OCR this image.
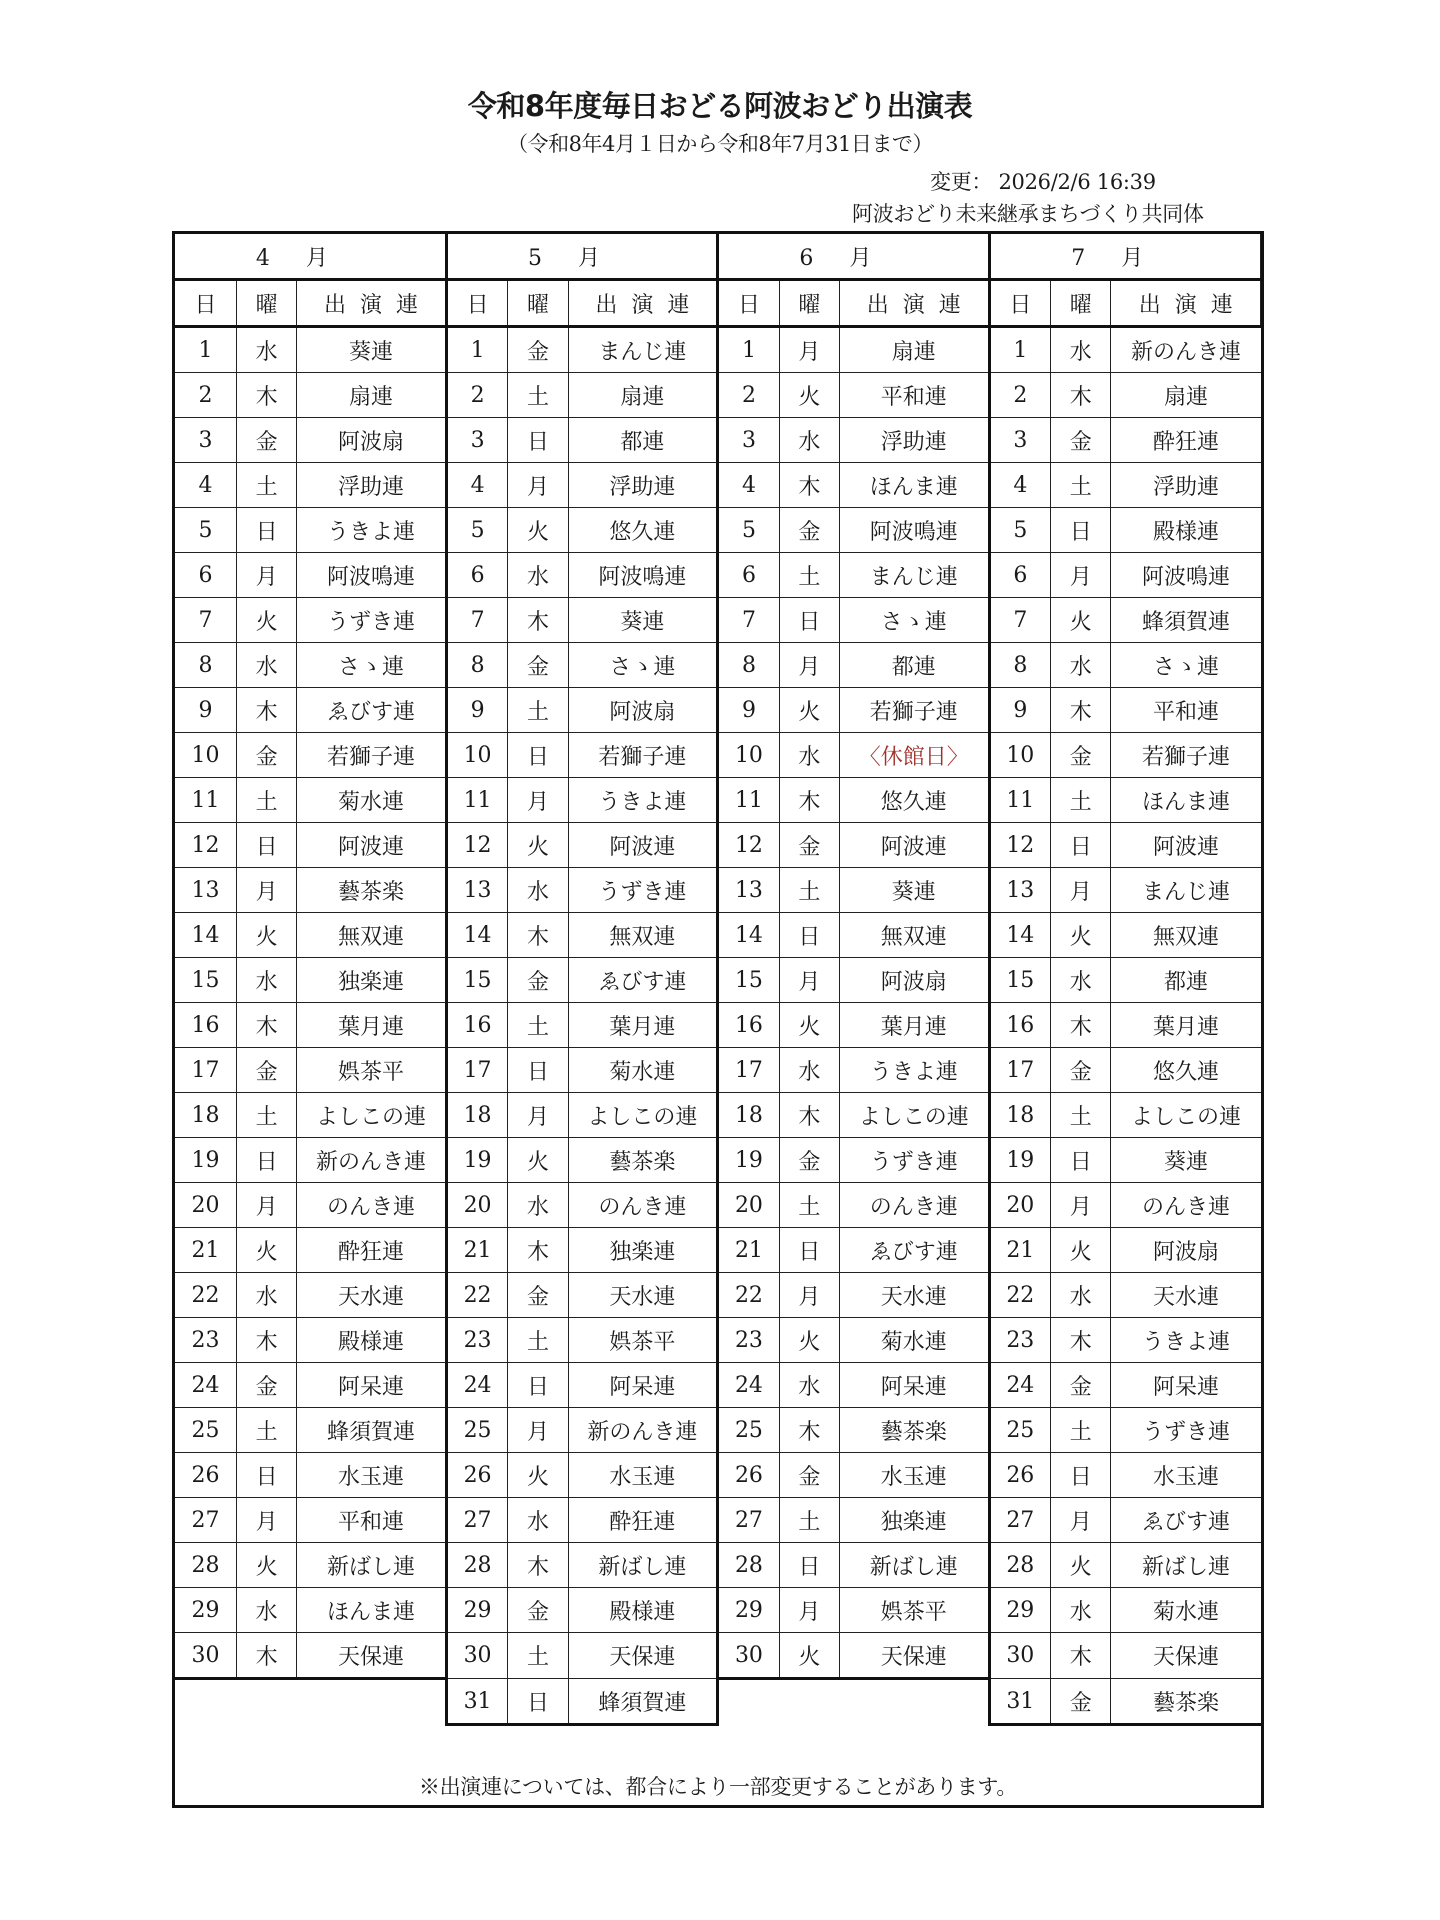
令和8年度毎日おどる阿波おどり出演表
（令和8年4月１日から令和8年7月31日まで）
変更： 2026/2/6 16:39
阿波おどり未来継承まちづくり共同体
4月			5月			6月			7月		
日	曜	出演連	日	曜	出演連	日	曜	出演連	日	曜	出演連
1	水	葵連	1	金	まんじ連	1	月	扇連	1	水	新のんき連
2	木	扇連	2	土	扇連	2	火	平和連	2	木	扇連
3	金	阿波扇	3	日	都連	3	水	浮助連	3	金	酔狂連
4	土	浮助連	4	月	浮助連	4	木	ほんま連	4	土	浮助連
5	日	うきよ連	5	火	悠久連	5	金	阿波鳴連	5	日	殿様連
6	月	阿波鳴連	6	水	阿波鳴連	6	土	まんじ連	6	月	阿波鳴連
7	火	うずき連	7	木	葵連	7	日	さゝ連	7	火	蜂須賀連
8	水	さゝ連	8	金	さゝ連	8	月	都連	8	水	さゝ連
9	木	ゑびす連	9	土	阿波扇	9	火	若獅子連	9	木	平和連
10	金	若獅子連	10	日	若獅子連	10	水	〈休館日〉	10	金	若獅子連
11	土	菊水連	11	月	うきよ連	11	木	悠久連	11	土	ほんま連
12	日	阿波連	12	火	阿波連	12	金	阿波連	12	日	阿波連
13	月	藝茶楽	13	水	うずき連	13	土	葵連	13	月	まんじ連
14	火	無双連	14	木	無双連	14	日	無双連	14	火	無双連
15	水	独楽連	15	金	ゑびす連	15	月	阿波扇	15	水	都連
16	木	葉月連	16	土	葉月連	16	火	葉月連	16	木	葉月連
17	金	娯茶平	17	日	菊水連	17	水	うきよ連	17	金	悠久連
18	土	よしこの連	18	月	よしこの連	18	木	よしこの連	18	土	よしこの連
19	日	新のんき連	19	火	藝茶楽	19	金	うずき連	19	日	葵連
20	月	のんき連	20	水	のんき連	20	土	のんき連	20	月	のんき連
21	火	酔狂連	21	木	独楽連	21	日	ゑびす連	21	火	阿波扇
22	水	天水連	22	金	天水連	22	月	天水連	22	水	天水連
23	木	殿様連	23	土	娯茶平	23	火	菊水連	23	木	うきよ連
24	金	阿呆連	24	日	阿呆連	24	水	阿呆連	24	金	阿呆連
25	土	蜂須賀連	25	月	新のんき連	25	木	藝茶楽	25	土	うずき連
26	日	水玉連	26	火	水玉連	26	金	水玉連	26	日	水玉連
27	月	平和連	27	水	酔狂連	27	土	独楽連	27	月	ゑびす連
28	火	新ばし連	28	木	新ばし連	28	日	新ばし連	28	火	新ばし連
29	水	ほんま連	29	金	殿様連	29	月	娯茶平	29	水	菊水連
30	木	天保連	30	土	天保連	30	火	天保連	30	木	天保連
			31	日	蜂須賀連				31	金	藝茶楽
※出演連については、都合により一部変更することがあります。
